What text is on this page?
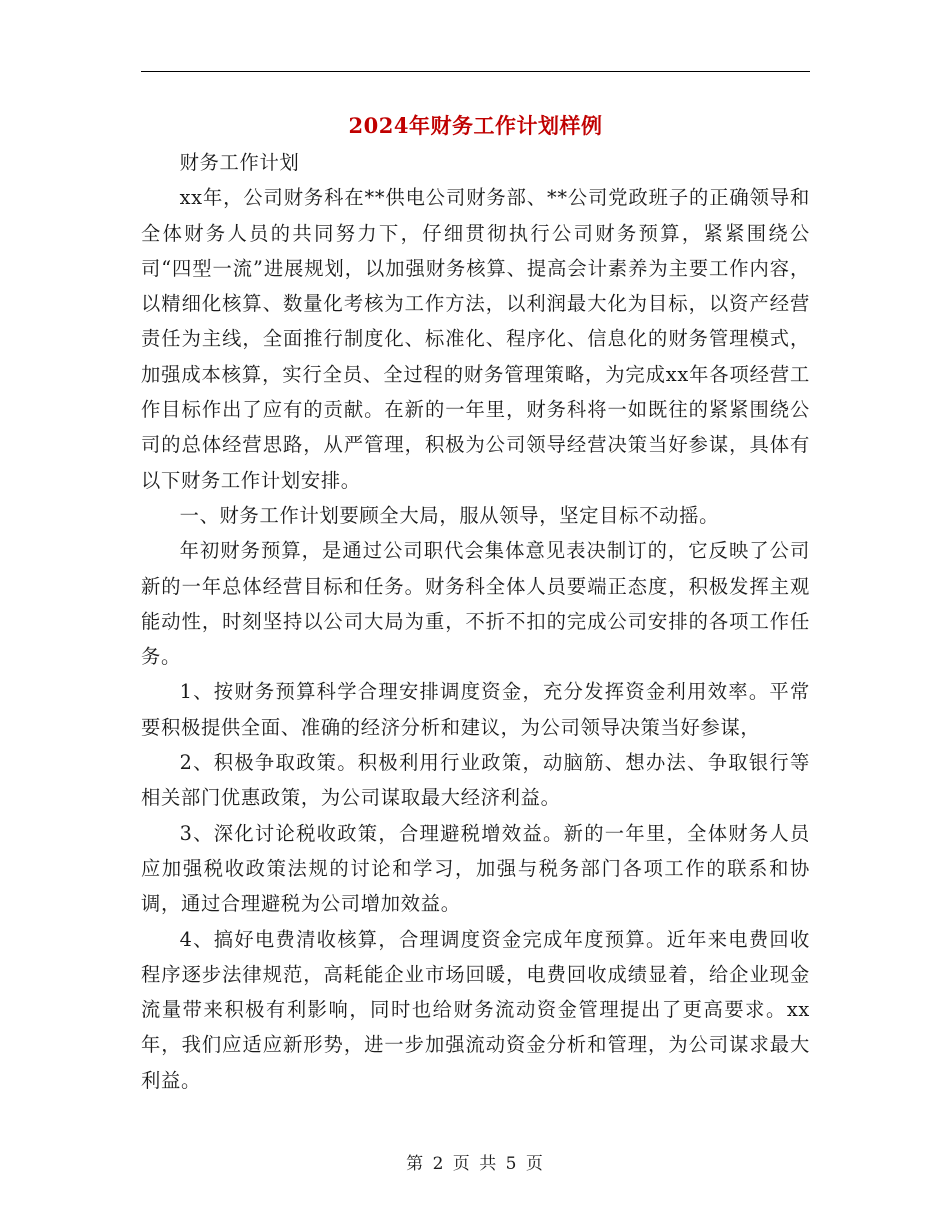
2024年财务工作计划样例

财务工作计划

xx年，公司财务科在**供电公司财务部、**公司党政班子的正确领导和全体财务人员的共同努力下，仔细贯彻执行公司财务预算，紧紧围绕公司“四型一流”进展规划，以加强财务核算、提高会计素养为主要工作内容，以精细化核算、数量化考核为工作方法，以利润最大化为目标，以资产经营责任为主线，全面推行制度化、标准化、程序化、信息化的财务管理模式，加强成本核算，实行全员、全过程的财务管理策略，为完成xx年各项经营工作目标作出了应有的贡献。在新的一年里，财务科将一如既往的紧紧围绕公司的总体经营思路，从严管理，积极为公司领导经营决策当好参谋，具体有以下财务工作计划安排。

一、财务工作计划要顾全大局，服从领导，坚定目标不动摇。

年初财务预算，是通过公司职代会集体意见表决制订的，它反映了公司新的一年总体经营目标和任务。财务科全体人员要端正态度，积极发挥主观能动性，时刻坚持以公司大局为重，不折不扣的完成公司安排的各项工作任务。

1、按财务预算科学合理安排调度资金，充分发挥资金利用效率。平常要积极提供全面、准确的经济分析和建议，为公司领导决策当好参谋，

2、积极争取政策。积极利用行业政策，动脑筋、想办法、争取银行等相关部门优惠政策，为公司谋取最大经济利益。

3、深化讨论税收政策，合理避税增效益。新的一年里，全体财务人员应加强税收政策法规的讨论和学习，加强与税务部门各项工作的联系和协调，通过合理避税为公司增加效益。

4、搞好电费清收核算，合理调度资金完成年度预算。近年来电费回收程序逐步法律规范，高耗能企业市场回暖，电费回收成绩显着，给企业现金流量带来积极有利影响，同时也给财务流动资金管理提出了更高要求。xx年，我们应适应新形势，进一步加强流动资金分析和管理，为公司谋求最大利益。

第 2 页 共 5 页
